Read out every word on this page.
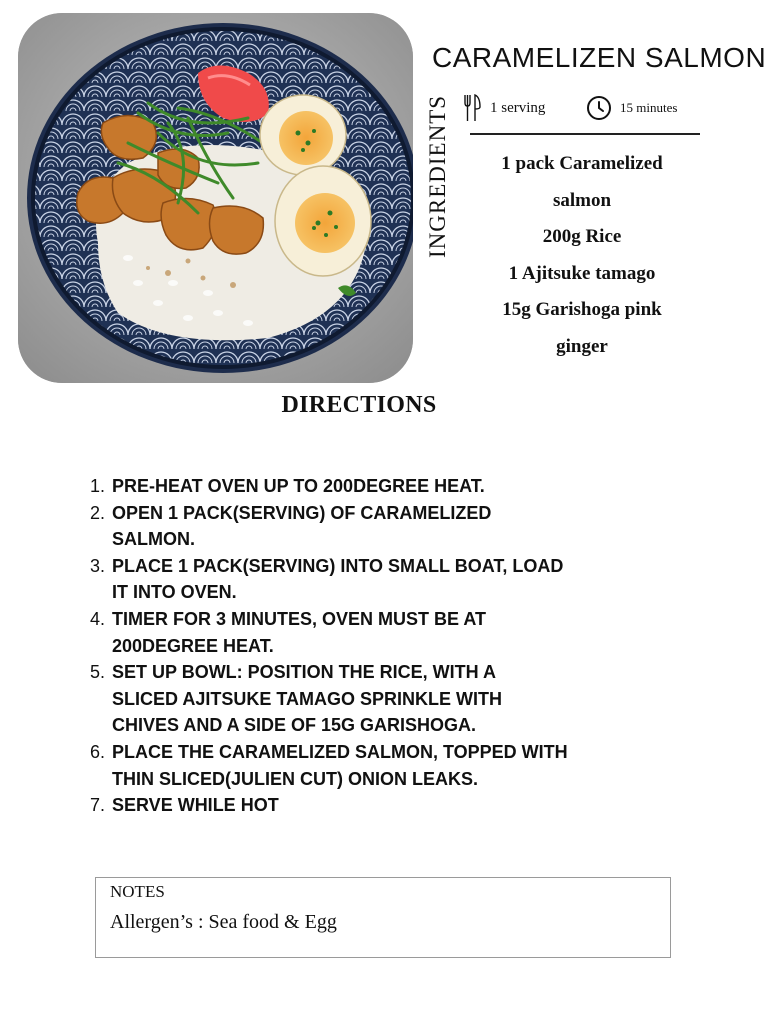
CARAMELIZEN SALMON
1 serving	15 minutes
INGREDIENTS	1 pack Caramelized
salmon
200g Rice
1 Ajitsuke tamago
15g Garishoga pink
ginger
DIRECTIONS
1. PRE-HEAT OVEN UP TO 200DEGREE HEAT.
2. OPEN 1 PACK(SERVING) OF CARAMELIZED
SALMON.
3. PLACE 1 PACK(SERVING) INTO SMALL BOAT, LOAD
IT INTO OVEN.
4. TIMER FOR 3 MINUTES, OVEN MUST BE AT
200DEGREE HEAT.
5. SET UP BOWL: POSITION THE RICE, WITH A
SLICED AJITSUKE TAMAGO SPRINKLE WITH
CHIVES AND A SIDE OF 15G GARISHOGA.
6. PLACE THE CARAMELIZED SALMON, TOPPED WITH
THIN SLICED(JULIEN CUT) ONION LEAKS.
7. SERVE WHILE HOT
NOTES
Allergen’s : Sea food & Egg
